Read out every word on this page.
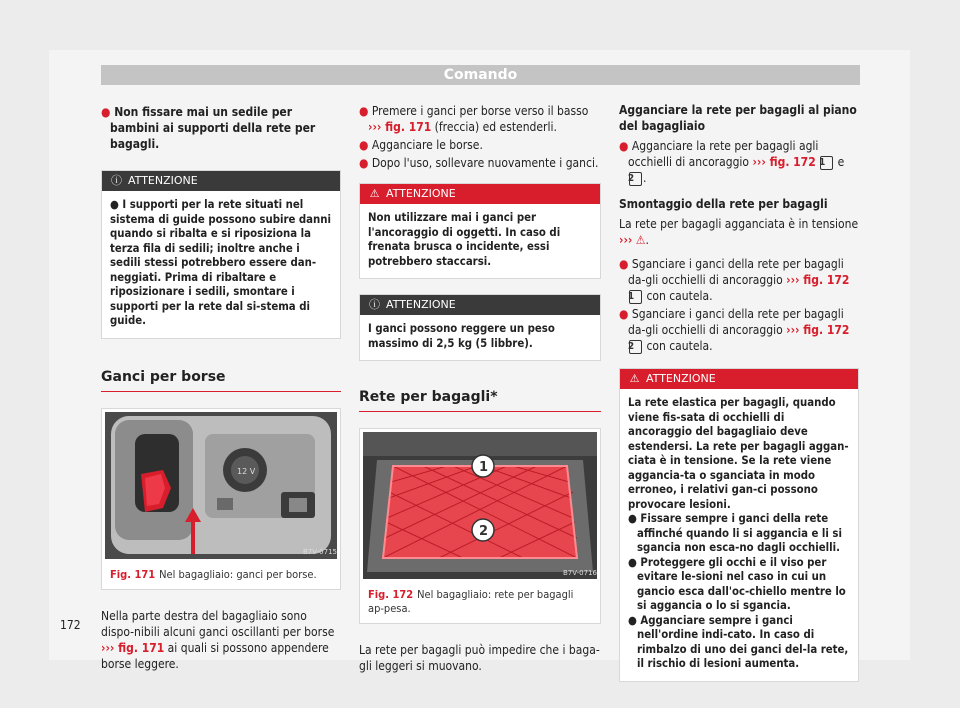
Comando
● Non fissare mai un sedile per bambini ai supporti della rete per bagagli.
ⓘ ATTENZIONE
● I supporti per la rete situati nel sistema di guide possono subire danni quando si ribalta e si riposiziona la terza fila di sedili; inoltre anche i sedili stessi potrebbero essere dan-neggiati. Prima di ribaltare e riposizionare i sedili, smontare i supporti per la rete dal si-stema di guide.
Ganci per borse
12 V
B7V-0715
Fig. 171 Nel bagagliaio: ganci per borse.

Nella parte destra del bagagliaio sono dispo-nibili alcuni ganci oscillanti per borse ››› fig. 171 ai quali si possono appendere borse leggere.

● Premere i ganci per borse verso il basso ››› fig. 171 (freccia) ed estenderli.
● Agganciare le borse.
● Dopo l'uso, sollevare nuovamente i ganci.
⚠ ATTENZIONE
Non utilizzare mai i ganci per l'ancoraggio di oggetti. In caso di frenata brusca o incidente, essi potrebbero staccarsi.
ⓘ ATTENZIONE
I ganci possono reggere un peso massimo di 2,5 kg (5 libbre).
Rete per bagagli*
1
2
B7V-0716
Fig. 172 Nel bagagliaio: rete per bagagli ap-pesa.

La rete per bagagli può impedire che i baga-gli leggeri si muovano.

Agganciare la rete per bagagli al piano del bagagliaio

● Agganciare la rete per bagagli agli occhielli di ancoraggio ››› fig. 172 1 e 2 .

Smontaggio della rete per bagagli

La rete per bagagli agganciata è in tensione ››› ⚠.

● Sganciare i ganci della rete per bagagli da-gli occhielli di ancoraggio ››› fig. 172 1 con cautela.
● Sganciare i ganci della rete per bagagli da-gli occhielli di ancoraggio ››› fig. 172 2 con cautela.
⚠ ATTENZIONE
La rete elastica per bagagli, quando viene fis-sata di occhielli di ancoraggio del bagagliaio deve estendersi. La rete per bagagli aggan-ciata è in tensione. Se la rete viene aggancia-ta o sganciata in modo erroneo, i relativi gan-ci possono provocare lesioni.
● Fissare sempre i ganci della rete affinché quando li si aggancia e li si sgancia non esca-no dagli occhielli.
● Proteggere gli occhi e il viso per evitare le-sioni nel caso in cui un gancio esca dall'oc-chiello mentre lo si aggancia o lo si sgancia.
● Agganciare sempre i ganci nell'ordine indi-cato. In caso di rimbalzo di uno dei ganci del-la rete, il rischio di lesioni aumenta.
172
